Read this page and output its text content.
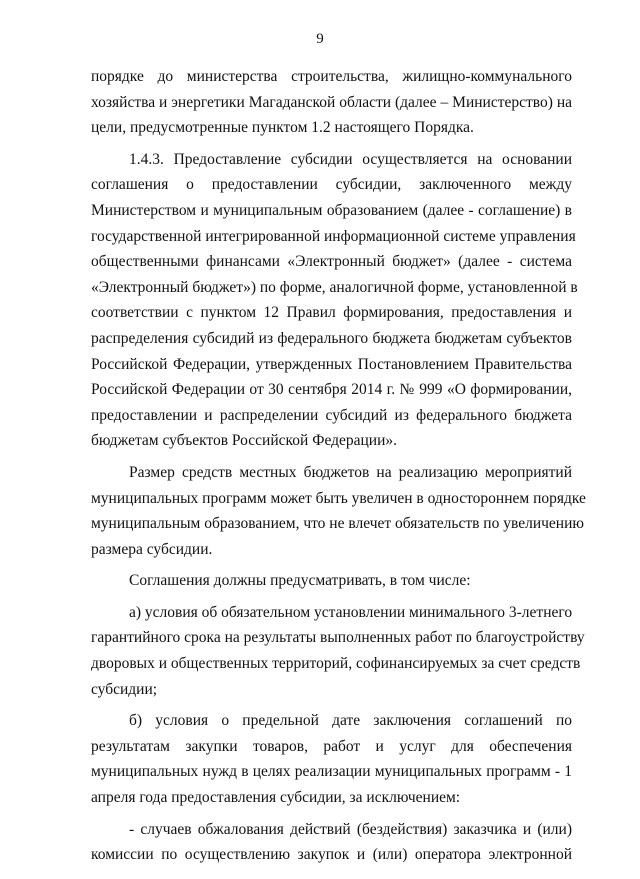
9
порядке до министерства строительства, жилищно-коммунального
хозяйства и энергетики Магаданской области (далее – Министерство) на
цели, предусмотренные пунктом 1.2 настоящего Порядка.
1.4.3. Предоставление субсидии осуществляется на основании
соглашения о предоставлении субсидии, заключенного между
Министерством и муниципальным образованием (далее - соглашение) в
государственной интегрированной информационной системе управления
общественными финансами «Электронный бюджет» (далее - система
«Электронный бюджет») по форме, аналогичной форме, установленной в
соответствии с пунктом 12 Правил формирования, предоставления и
распределения субсидий из федерального бюджета бюджетам субъектов
Российской Федерации, утвержденных Постановлением Правительства
Российской Федерации от 30 сентября 2014 г. № 999 «О формировании,
предоставлении и распределении субсидий из федерального бюджета
бюджетам субъектов Российской Федерации».
Размер средств местных бюджетов на реализацию мероприятий
муниципальных программ может быть увеличен в одностороннем порядке
муниципальным образованием, что не влечет обязательств по увеличению
размера субсидии.
Соглашения должны предусматривать, в том числе:
а) условия об обязательном установлении минимального 3-летнего
гарантийного срока на результаты выполненных работ по благоустройству
дворовых и общественных территорий, софинансируемых за счет средств
субсидии;
б) условия о предельной дате заключения соглашений по
результатам закупки товаров, работ и услуг для обеспечения
муниципальных нужд в целях реализации муниципальных программ - 1
апреля года предоставления субсидии, за исключением:
- случаев обжалования действий (бездействия) заказчика и (или)
комиссии по осуществлению закупок и (или) оператора электронной
